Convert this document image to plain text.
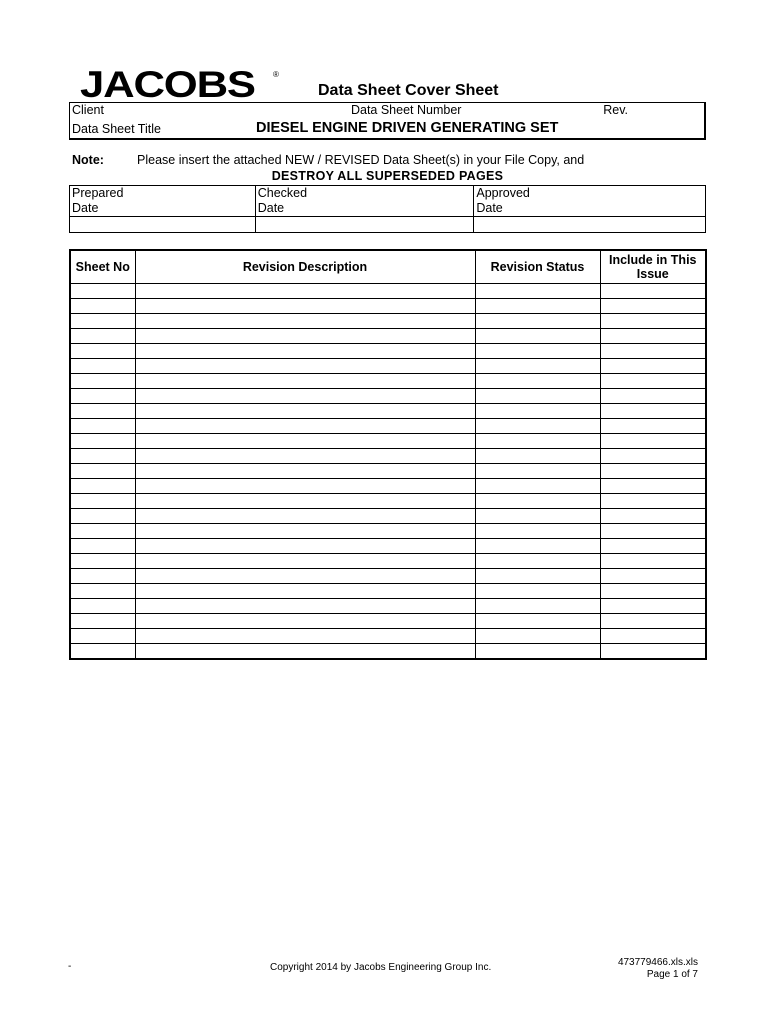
JACOBS ®
Data Sheet Cover Sheet
Client	Data Sheet Number	Rev.
Data Sheet Title	DIESEL ENGINE DRIVEN GENERATING SET	
Note:	Please insert the attached NEW / REVISED Data Sheet(s) in your File Copy, and
DESTROY ALL SUPERSEDED PAGES
Prepared	Checked	Approved
Date	Date	Date

Sheet No	Revision Description	Revision Status	Include in This Issue

-	Copyright 2014 by Jacobs Engineering Group Inc.	473779466.xls.xls
Page 1 of 7
